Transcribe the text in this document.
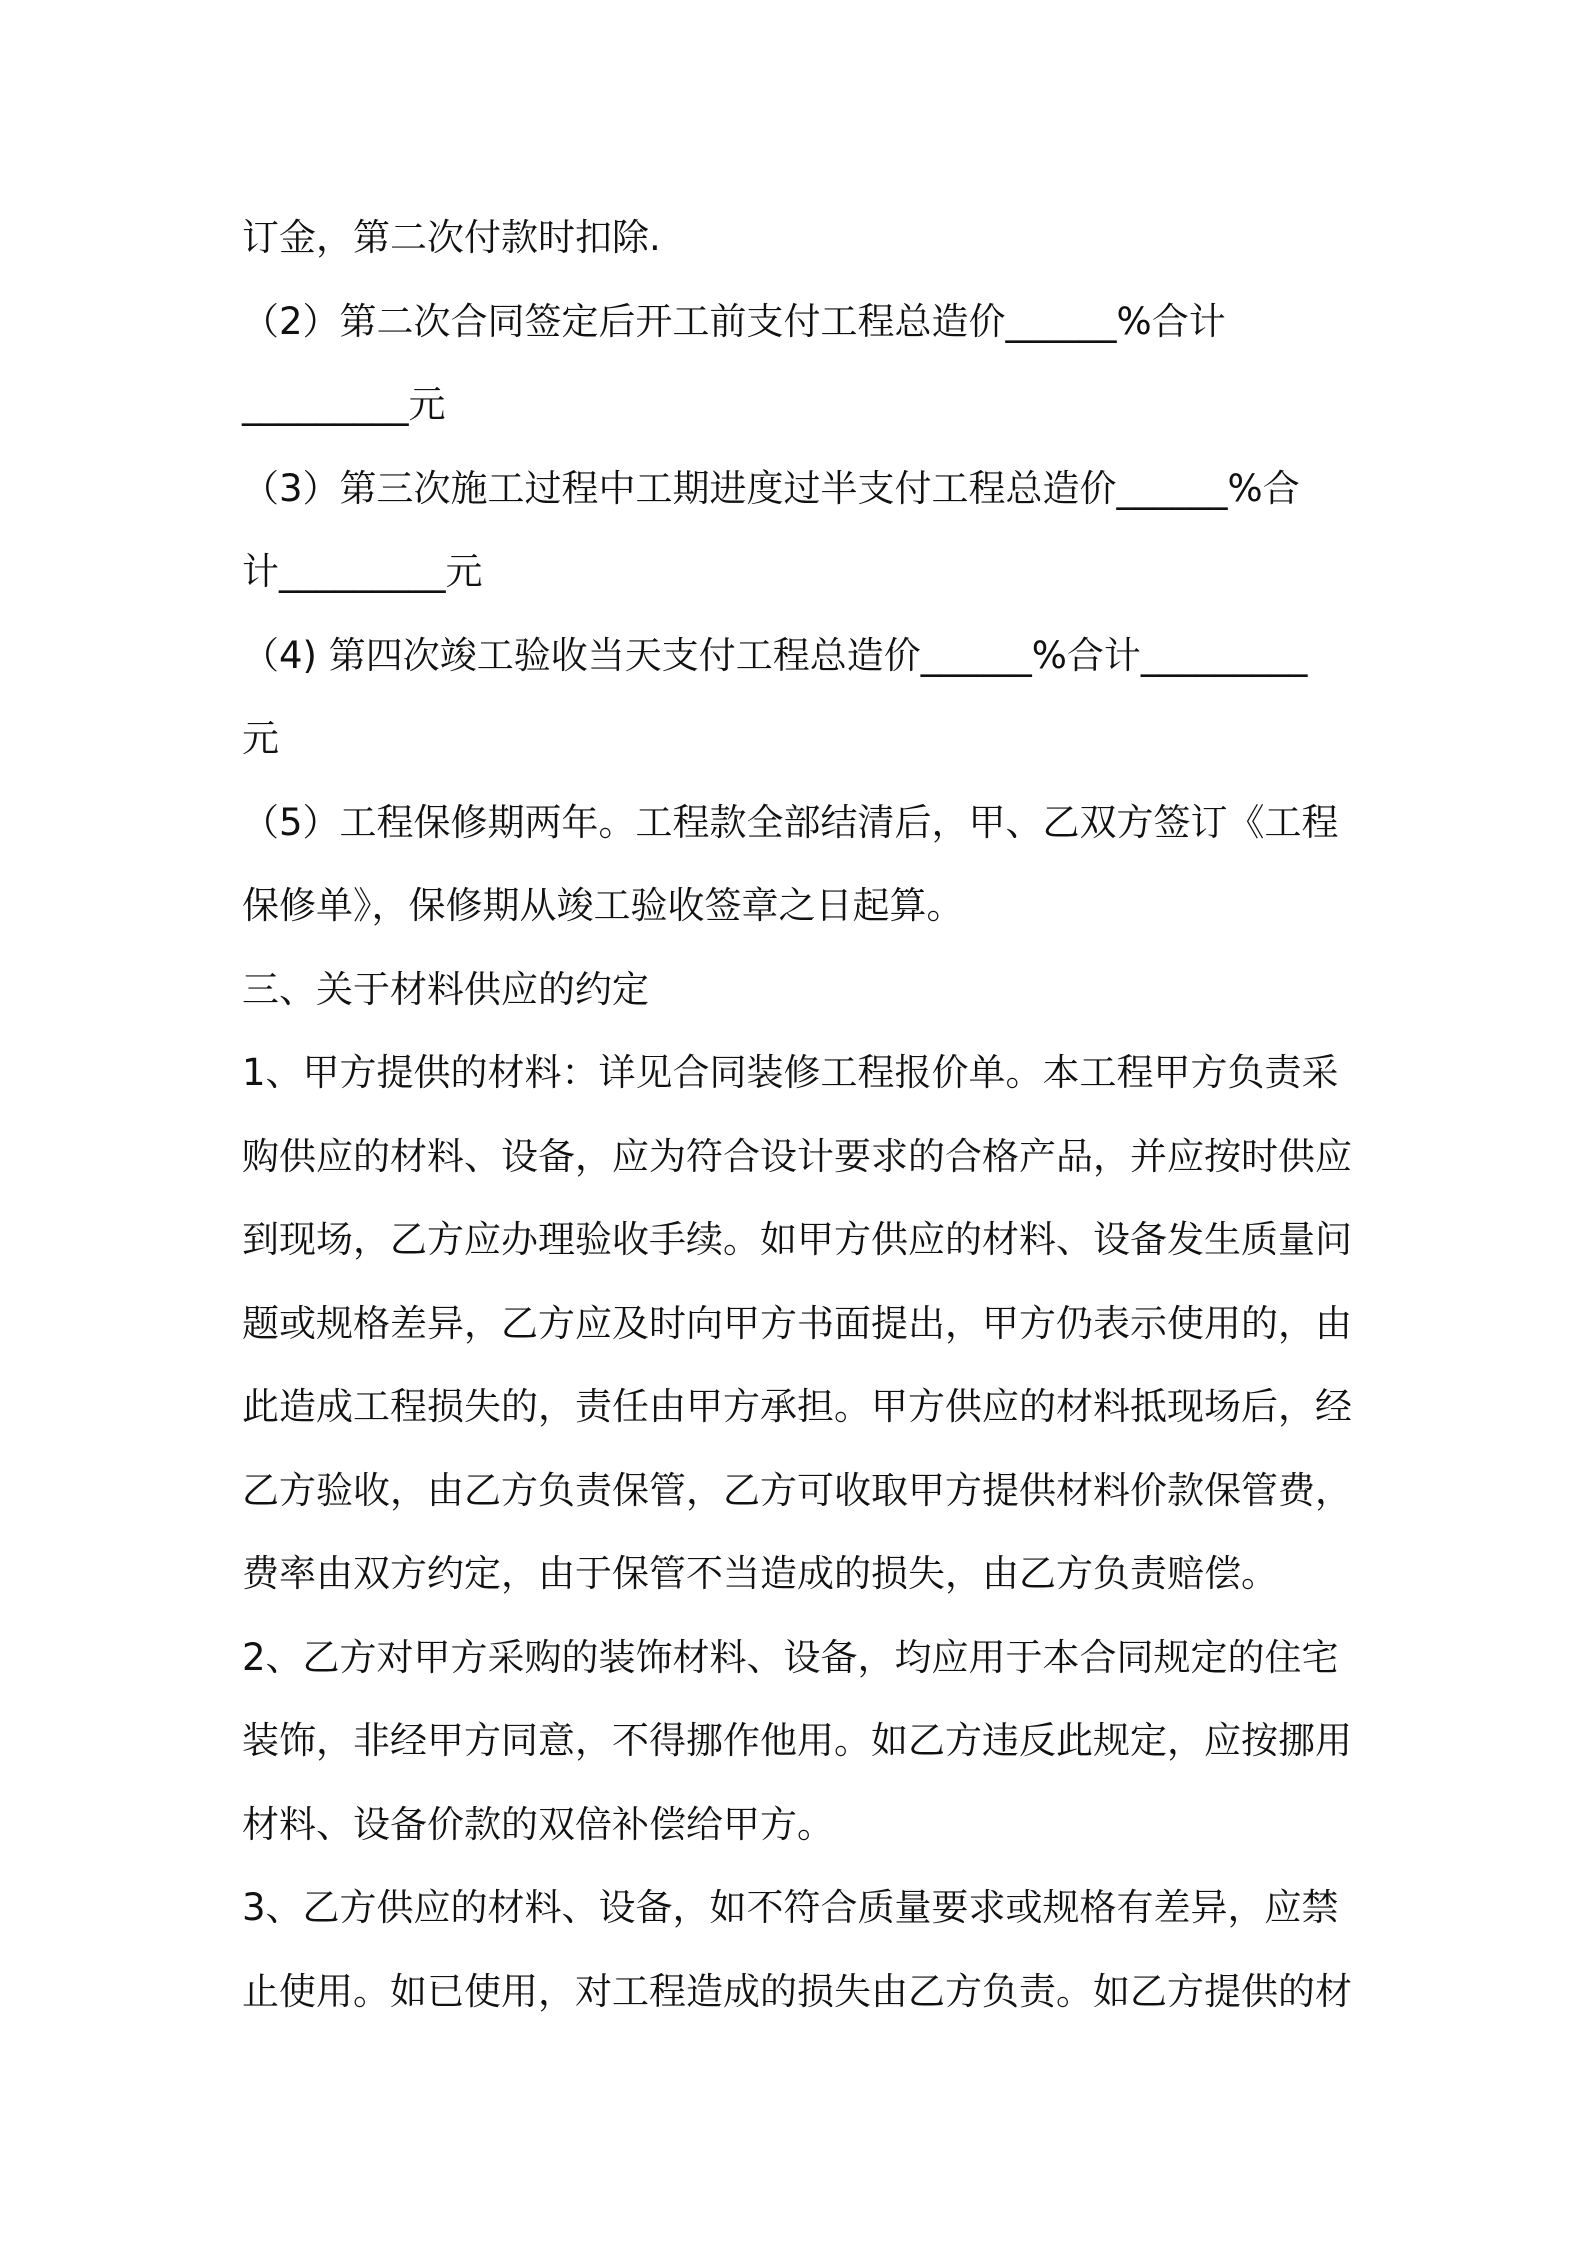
订金，第二次付款时扣除.
（2）第二次合同签定后开工前支付工程总造价______%合计
_________元
（3）第三次施工过程中工期进度过半支付工程总造价______%合
计_________元
（4) 第四次竣工验收当天支付工程总造价______%合计_________
元
（5）工程保修期两年。工程款全部结清后，甲、乙双方签订《工程
保修单》，保修期从竣工验收签章之日起算。
三、关于材料供应的约定
1、甲方提供的材料：详见合同装修工程报价单。本工程甲方负责采
购供应的材料、设备，应为符合设计要求的合格产品，并应按时供应
到现场，乙方应办理验收手续。如甲方供应的材料、设备发生质量问
题或规格差异，乙方应及时向甲方书面提出，甲方仍表示使用的，由
此造成工程损失的，责任由甲方承担。甲方供应的材料抵现场后，经
乙方验收，由乙方负责保管，乙方可收取甲方提供材料价款保管费，
费率由双方约定，由于保管不当造成的损失，由乙方负责赔偿。
2、乙方对甲方采购的装饰材料、设备，均应用于本合同规定的住宅
装饰，非经甲方同意，不得挪作他用。如乙方违反此规定，应按挪用
材料、设备价款的双倍补偿给甲方。
3、乙方供应的材料、设备，如不符合质量要求或规格有差异，应禁
止使用。如已使用，对工程造成的损失由乙方负责。如乙方提供的材
